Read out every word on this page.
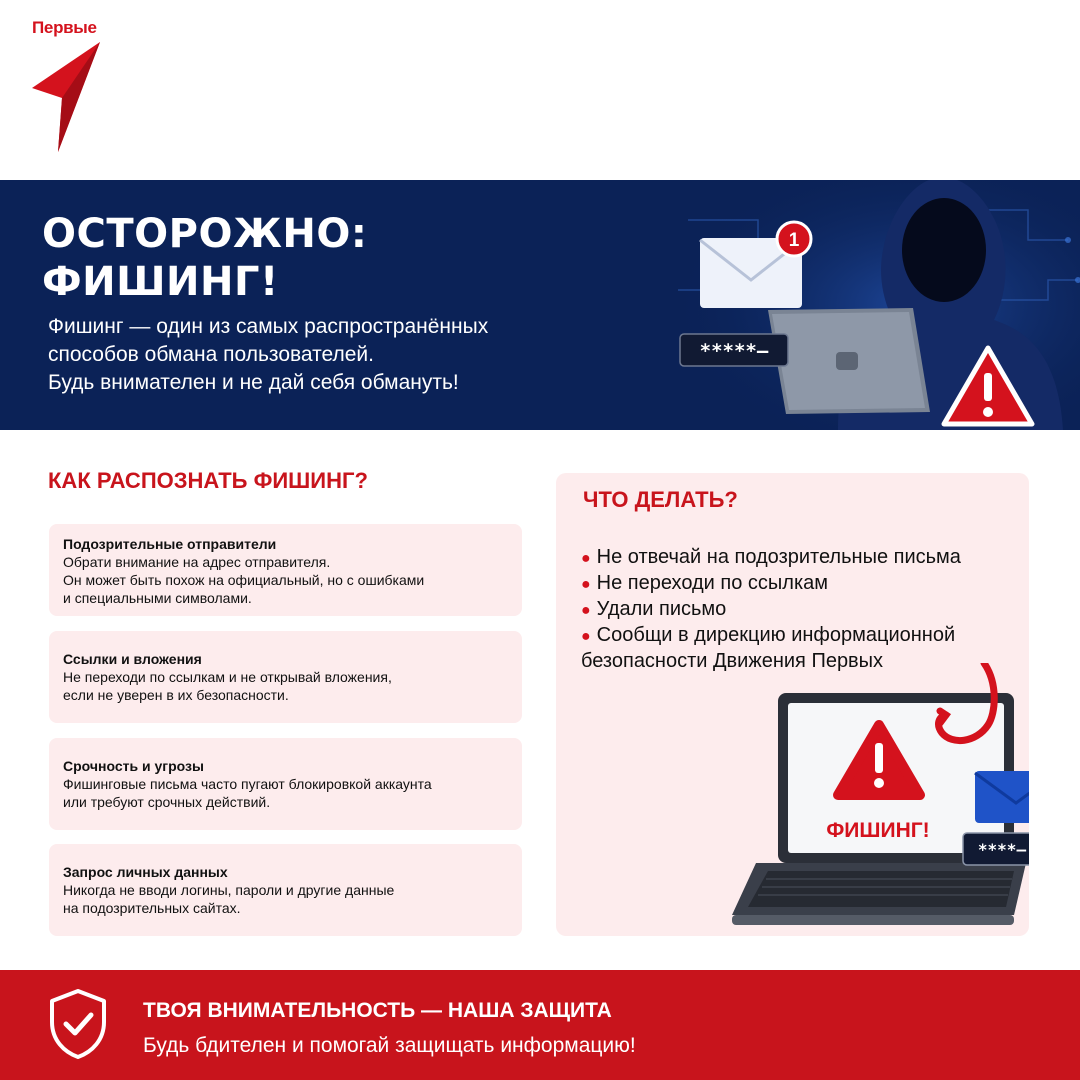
Первые
ОСТОРОЖНО:
ФИШИНГ!
Фишинг — один из самых распространённых
способов обмана пользователей.
Будь внимателен и не дай себя обмануть!
1
*****–
КАК РАСПОЗНАТЬ ФИШИНГ?
Подозрительные отправители
Обрати внимание на адрес отправителя.
Он может быть похож на официальный, но с ошибками
и специальными символами.
Ссылки и вложения
Не переходи по ссылкам и не открывай вложения,
если не уверен в их безопасности.
Срочность и угрозы
Фишинговые письма часто пугают блокировкой аккаунта
или требуют срочных действий.
Запрос личных данных
Никогда не вводи логины, пароли и другие данные
на подозрительных сайтах.
ЧТО ДЕЛАТЬ?
● Не отвечай на подозрительные письма
● Не переходи по ссылкам
● Удали письмо
● Сообщи в дирекцию информационной
безопасности Движения Первых
ФИШИНГ!
****–
ТВОЯ ВНИМАТЕЛЬНОСТЬ — НАША ЗАЩИТА
Будь бдителен и помогай защищать информацию!
